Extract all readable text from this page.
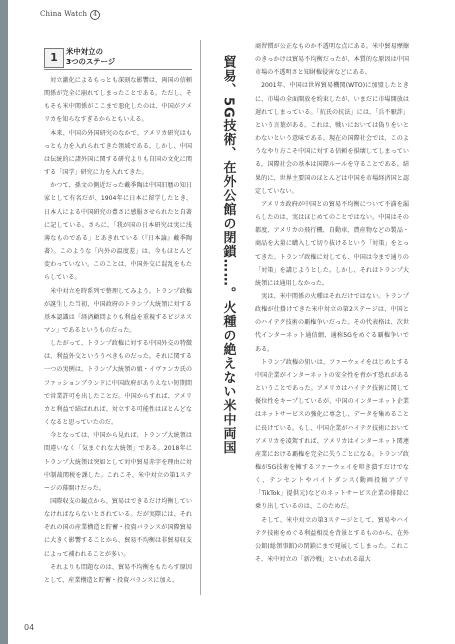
China Watch 4
1	米中対立の
3つのステージ

対立激化によるもっとも深刻な影響は、両国の信頼関係が完全に崩れてしまったことである。ただし、そもそも米中関係がここまで悪化したのは、中国がアメリカを知らなすぎるからともいえる。

本来、中国の外国研究のなかで、アメリカ研究はもっとも力を入れられてきた領域である。しかし、中国は伝統的に諸外国に関する研究よりも自国の文化に関する「国学」研究に力を入れてきた。

かつて、孫文の側近だった戴季陶は中国旧暦の知日家として有名だが、1904年に日本に留学したとき、日本人による中国研究の豊さに感服させられたと自著に記している。さらに、「我が国の日本研究は実に浅薄なものである」とあきれている（『日本論』戴季陶著）。このような「内外の温度差」は、今もほとんど変わっていない。このことは、中国外交に混乱をもたらしている。

米中対立を時系列で整理してみよう。トランプ政権が誕生した当初、中国政府のトランプ大統領に対する基本認識は「経済顧問よりも利益を重視するビジネスマン」であるというものだった。

したがって、トランプ政権に対する中国外交の特徴は、利益外交といううべきものだった。それに関する一つの実例は、トランプ大統領の娘・イヴァンカ氏のファッションブランドに中国政府がありえない短期間で営業許可を出したことだ。中国からすれば、アメリカと利益で結ばれれば、対立する可能性はほとんどなくなると思っていたのだ。

今となっては、中国から見れば、トランプ大統領は間違いなく「気まぐれな大統領」である。2018年にトランプ大統領は突如として対中貿易赤字を理由に対中制裁関税を課した。これこそ、米中対立の第1ステージの幕開けだった。

国際収支の観点から、貿易はできるだけ均衡していなければならないとされている。だが実際には、それぞれの国の産業構造と貯蓄・投資バランスが国際貿易に大きく影響することから、貿易不均衡は非貿易収支によって補われることが多い。

それよりも問題なのは、貿易不均衡をもたらす原因として、産業構造と貯蓄・投資バランスに加え、

貿易、5G技術、在外公館の閉鎖……。火種の絶えない米中両国

商習慣が公正なものか不透明な点にある。米中貿易摩擦のきっかけは貿易不均衡だったが、本質的な原因は中国市場の不透明さと知財権侵害などにある。

2001年、中国は世界貿易機関(WTO)に加盟したときに、市場の全面開放を約束したが、いまだに市場開放は遅れてしまっている。「抗氏の抗法」には、「兵不厭詐」という言葉がある。これは、戦いにおいては偽りをいとわないという意味である。現在の国際社会では、このようなやり方こそ中国に対する信頼を損壊してしまっている。国際社会の基本は国際ルールを守ることである。結果的に、世界主要国のほとんどは中国を市場経済国と認定していない。

アメリカ政府が中国との貿易不均衡について不満を漏らしたのは、実はほじめてのことではない。中国はその都度、アメリカの飛行機、自動車、農産物などの製品・商品を大量に購入して切り抜けるという「対策」をとってきた。トランプ政権に対しても、中国は今まで通りの「対策」を講じようとした。しかし、それはトランプ大統領には通用しなかった。

実は、米中関係の火種はそれだけではない。トランプ政権が仕掛けてきた米中対立の第2ステージは、中国とのハイテク技術の覇権争いだった。その代表格は、次世代インターネット通信網、通称5Gをめぐる覇権争いである。

トランプ政権の狙いは、ファーウェイをはじめとする中国企業がインターネットの安全性を脅かす恐れがあるということであった。アメリカはハイテク技術に関して優位性をキープしているが、中国のインターネット企業はネットサービスの強化に専念し、データを集めることに長けている。もし、中国企業がハイテク技術においてアメリカを凌駕すれば、アメリカはインターネット関連産業における覇権を完全に失うことになる。トランプ政権が5G技術を擁するファーウェイを叩き潰すだけでなく、テンセントやバイトダンス(動画投稿アプリ「TikTok」提供元)などのネットサービス企業の排除に乗り出しているのは、このためだ。

そして、米中対立の第3ステージとして、貿易やハイテク技術をめぐる利益相反を背景とするものから、在外公館(総領事館)の閉鎖にまで発展してしまった。これこそ、米中対立の「新冷戦」といわれる最大

04
